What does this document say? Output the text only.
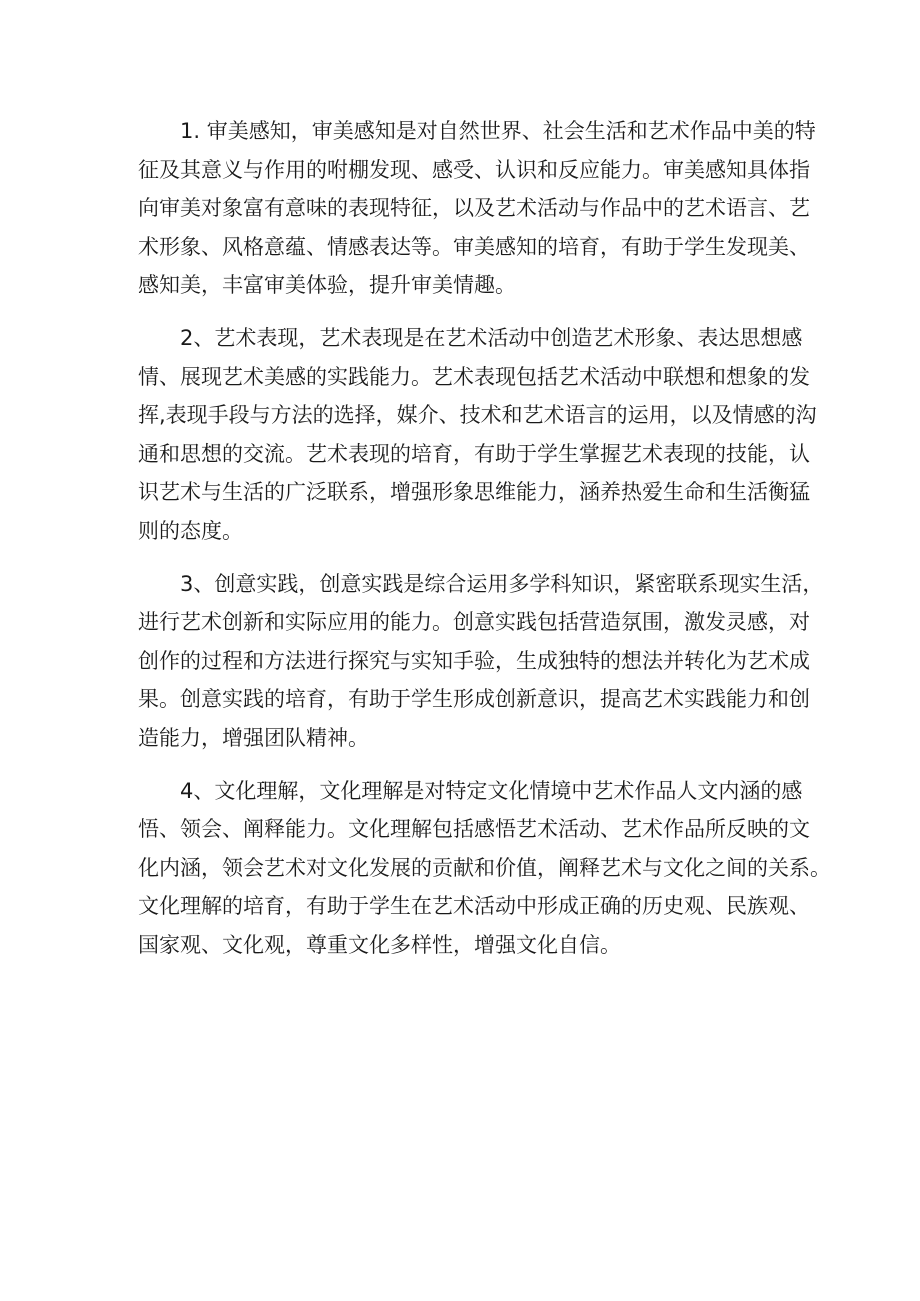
1. 审美感知，审美感知是对自然世界、社会生活和艺术作品中美的特
征及其意义与作用的咐棚发现、感受、认识和反应能力。审美感知具体指
向审美对象富有意味的表现特征，以及艺术活动与作品中的艺术语言、艺
术形象、风格意蕴、情感表达等。审美感知的培育，有助于学生发现美、
感知美，丰富审美体验，提升审美情趣。

2、艺术表现，艺术表现是在艺术活动中创造艺术形象、表达思想感
情、展现艺术美感的实践能力。艺术表现包括艺术活动中联想和想象的发
挥,表现手段与方法的选择，媒介、技术和艺术语言的运用，以及情感的沟
通和思想的交流。艺术表现的培育，有助于学生掌握艺术表现的技能，认
识艺术与生活的广泛联系，增强形象思维能力，涵养热爱生命和生活衡猛
则的态度。

3、创意实践，创意实践是综合运用多学科知识，紧密联系现实生活，
进行艺术创新和实际应用的能力。创意实践包括营造氛围，激发灵感，对
创作的过程和方法进行探究与实知手验，生成独特的想法并转化为艺术成
果。创意实践的培育，有助于学生形成创新意识，提高艺术实践能力和创
造能力，增强团队精神。

4、文化理解，文化理解是对特定文化情境中艺术作品人文内涵的感
悟、领会、阐释能力。文化理解包括感悟艺术活动、艺术作品所反映的文
化内涵，领会艺术对文化发展的贡献和价值，阐释艺术与文化之间的关系。
文化理解的培育，有助于学生在艺术活动中形成正确的历史观、民族观、
国家观、文化观，尊重文化多样性，增强文化自信。
